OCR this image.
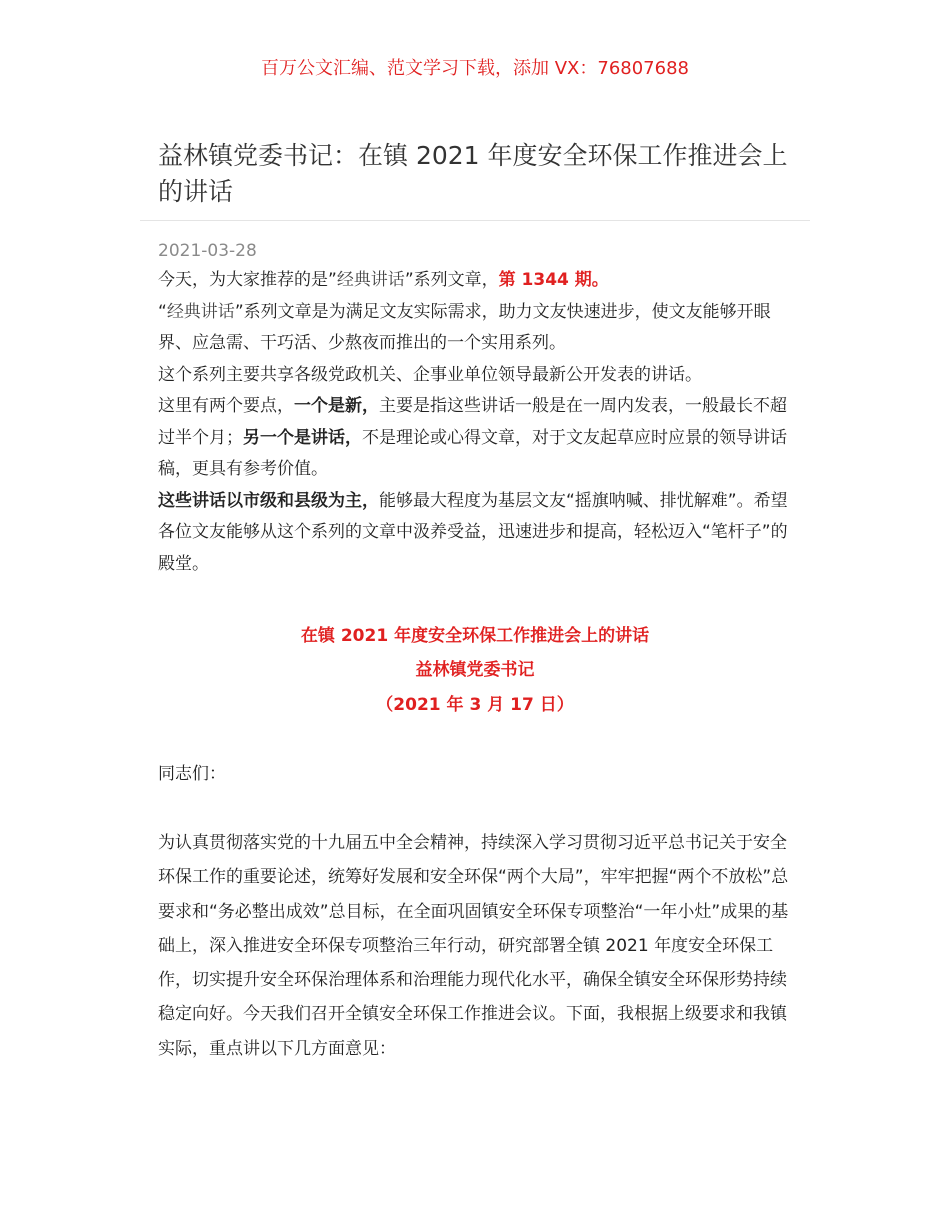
百万公文汇编、范文学习下载，添加 VX：76807688
益林镇党委书记：在镇 2021 年度安全环保工作推进会上的讲话
2021-03-28

今天，为大家推荐的是”经典讲话”系列文章，第 1344 期。

“经典讲话”系列文章是为满足文友实际需求，助力文友快速进步，使文友能够开眼界、应急需、干巧活、少熬夜而推出的一个实用系列。

这个系列主要共享各级党政机关、企事业单位领导最新公开发表的讲话。

这里有两个要点，一个是新，主要是指这些讲话一般是在一周内发表，一般最长不超过半个月；另一个是讲话，不是理论或心得文章，对于文友起草应时应景的领导讲话稿，更具有参考价值。

这些讲话以市级和县级为主，能够最大程度为基层文友“摇旗呐喊、排忧解难”。希望各位文友能够从这个系列的文章中汲养受益，迅速进步和提高，轻松迈入“笔杆子”的殿堂。

在镇 2021 年度安全环保工作推进会上的讲话
益林镇党委书记
（2021 年 3 月 17 日）
同志们：

为认真贯彻落实党的十九届五中全会精神，持续深入学习贯彻习近平总书记关于安全环保工作的重要论述，统筹好发展和安全环保“两个大局”，牢牢把握“两个不放松”总要求和“务必整出成效”总目标，在全面巩固镇安全环保专项整治“一年小灶”成果的基础上，深入推进安全环保专项整治三年行动，研究部署全镇 2021 年度安全环保工作，切实提升安全环保治理体系和治理能力现代化水平，确保全镇安全环保形势持续稳定向好。今天我们召开全镇安全环保工作推进会议。下面，我根据上级要求和我镇实际，重点讲以下几方面意见：
